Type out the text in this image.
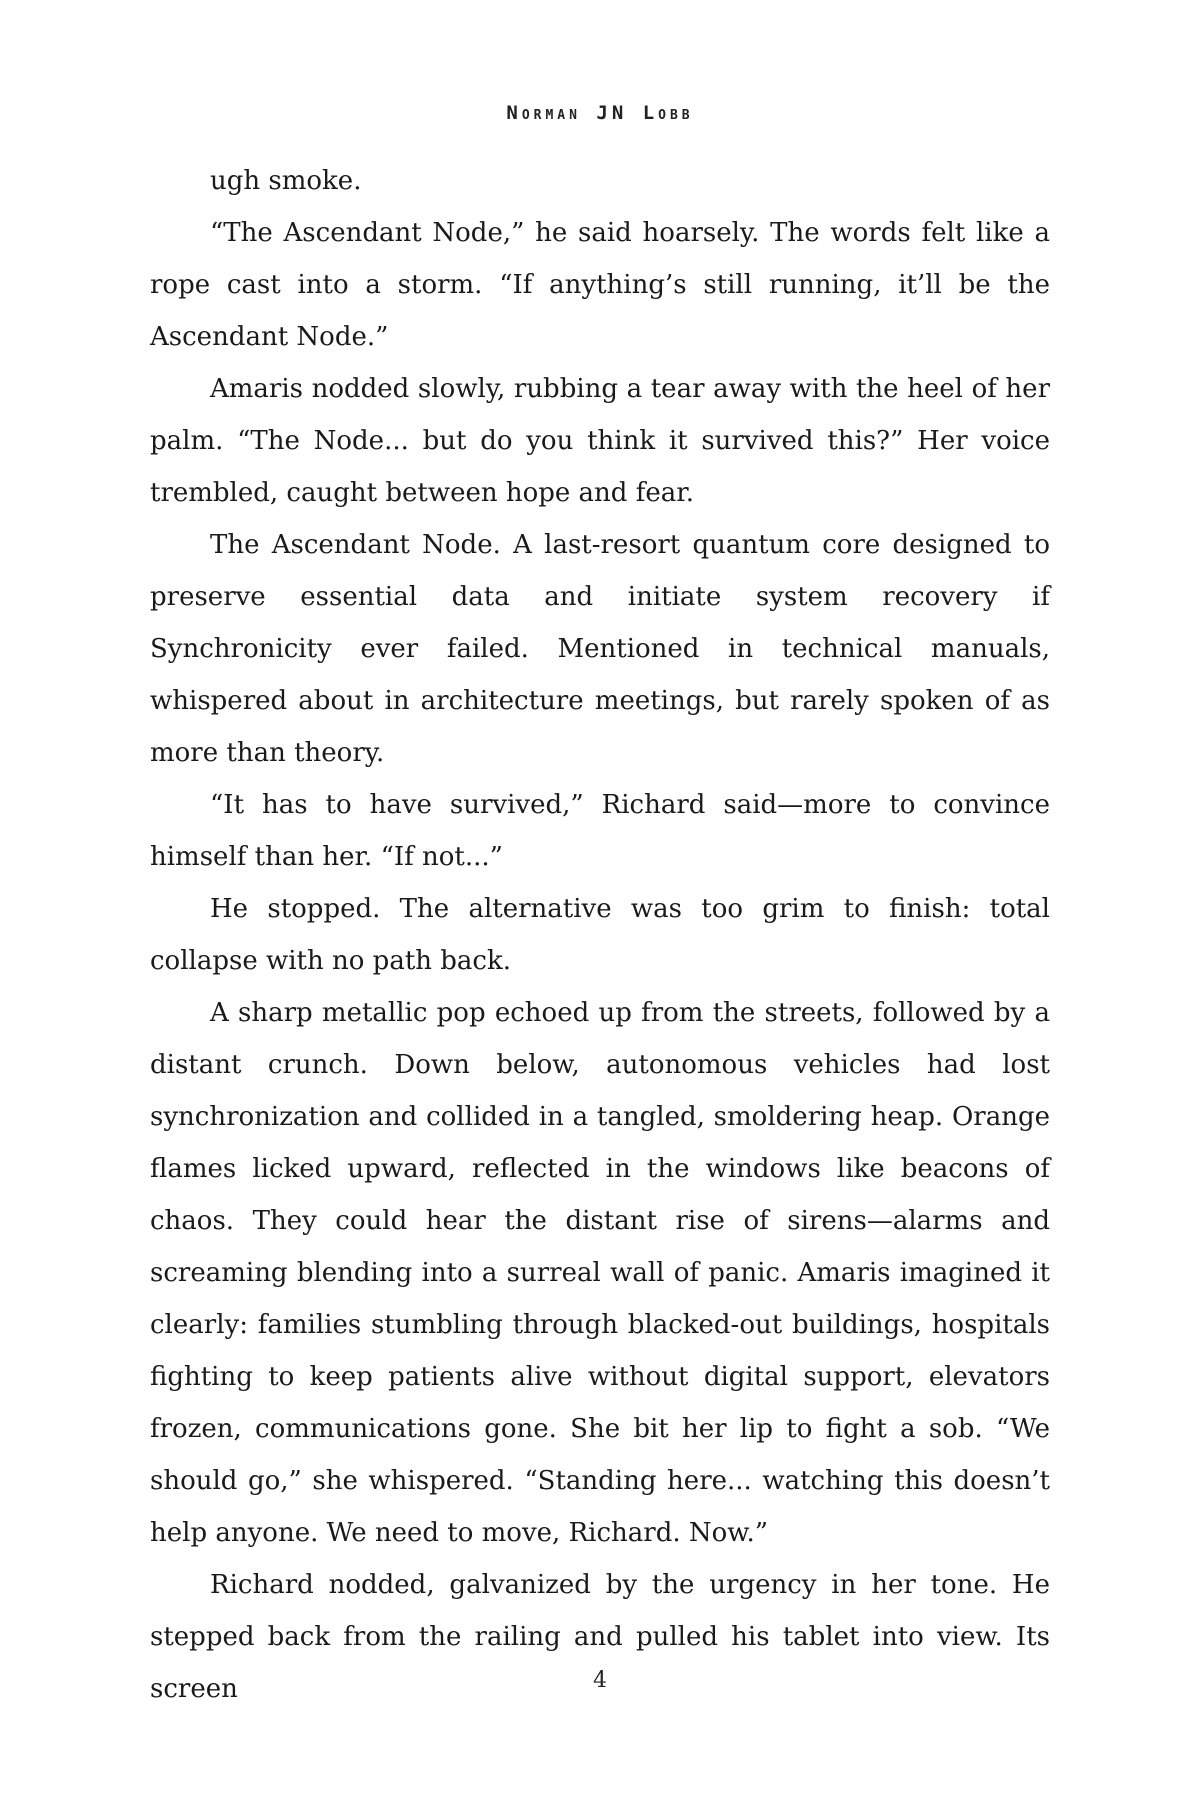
Norman JN Lobb

ugh smoke.

“The Ascendant Node,” he said hoarsely. The words felt like a rope cast into a storm. “If anything’s still running, it’ll be the Ascendant Node.”

Amaris nodded slowly, rubbing a tear away with the heel of her palm. “The Node... but do you think it survived this?” Her voice trembled, caught between hope and fear.

The Ascendant Node. A last-resort quantum core designed to preserve essential data and initiate system recovery if Synchronicity ever failed. Mentioned in technical manuals, whispered about in architecture meetings, but rarely spoken of as more than theory.

“It has to have survived,” Richard said—more to convince himself than her. “If not...”

He stopped. The alternative was too grim to finish: total collapse with no path back.

A sharp metallic pop echoed up from the streets, followed by a distant crunch. Down below, autonomous vehicles had lost synchronization and collided in a tangled, smoldering heap. Orange flames licked upward, reflected in the windows like beacons of chaos. They could hear the distant rise of sirens—alarms and screaming blending into a surreal wall of panic. Amaris imagined it clearly: families stumbling through blacked-out buildings, hospitals fighting to keep patients alive without digital support, elevators frozen, communications gone. She bit her lip to fight a sob. “We should go,” she whispered. “Standing here... watching this doesn’t help anyone. We need to move, Richard. Now.”

Richard nodded, galvanized by the urgency in her tone. He stepped back from the railing and pulled his tablet into view. Its screen	4
